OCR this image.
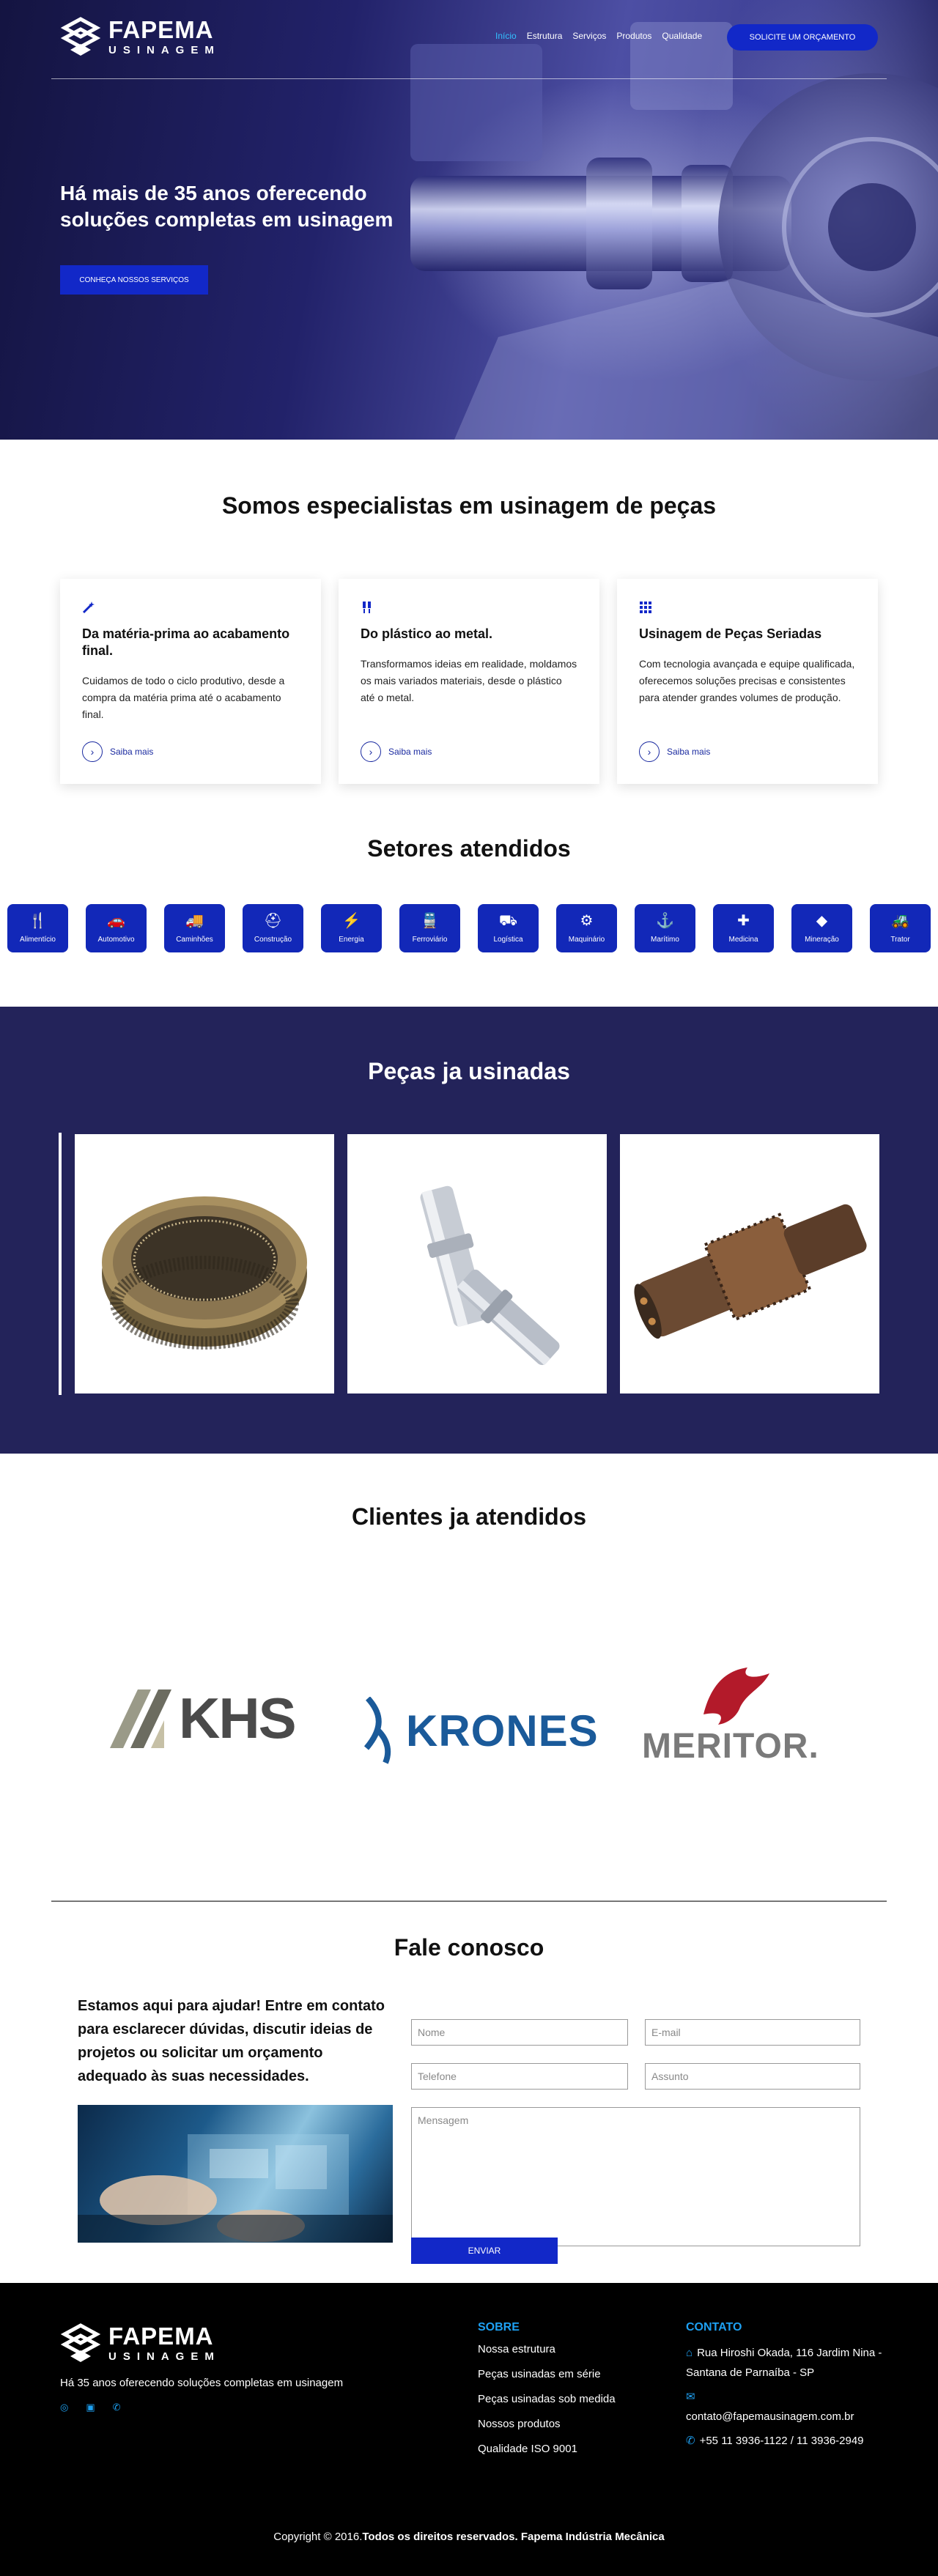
FAPEMA
USINAGEM
Início Estrutura Serviços Produtos Qualidade	SOLICITE UM ORÇAMENTO
Há mais de 35 anos oferecendo soluções completas em usinagem
CONHEÇA NOSSOS SERVIÇOS
Somos especialistas em usinagem de peças
Da matéria-prima ao acabamento final.

Cuidamos de todo o ciclo produtivo, desde a compra da matéria prima até o acabamento final.

›	Saiba mais
Do plástico ao metal.

Transformamos ideias em realidade, moldamos os mais variados materiais, desde o plástico até o metal.

›	Saiba mais
Usinagem de Peças Seriadas

Com tecnologia avançada e equipe qualificada, oferecemos soluções precisas e consistentes para atender grandes volumes de produção.

›	Saiba mais
Setores atendidos
🍴
Alimentício
🚗
Automotivo
🚚
Caminhões
⛑
Construção
⚡
Energia
🚆
Ferroviário
⛟
Logística
⚙
Maquinário
⚓
Marítimo
✚
Medicina
◆
Mineração
🚜
Trator
Peças ja usinadas
Clientes ja atendidos
KHS	KRONES MERITOR.
Fale conosco
Estamos aqui para ajudar! Entre em contato para esclarecer dúvidas, discutir ideias de projetos ou solicitar um orçamento adequado às suas necessidades.
Nome	E-mail
Telefone	Assunto
Mensagem
ENVIAR
FAPEMA
USINAGEM
Há 35 anos oferecendo soluções completas em usinagem
◎ ▣ ✆
SOBRE
Nossa estrutura
Peças usinadas em série
Peças usinadas sob medida
Nossos produtos
Qualidade ISO 9001
CONTATO
⌂ Rua Hiroshi Okada, 116 Jardim Nina - Santana de Parnaíba - SP
✉
contato@fapemausinagem.com.br
✆ +55 11 3936-1122 / 11 3936-2949
Copyright © 2016.Todos os direitos reservados. Fapema Indústria Mecânica
